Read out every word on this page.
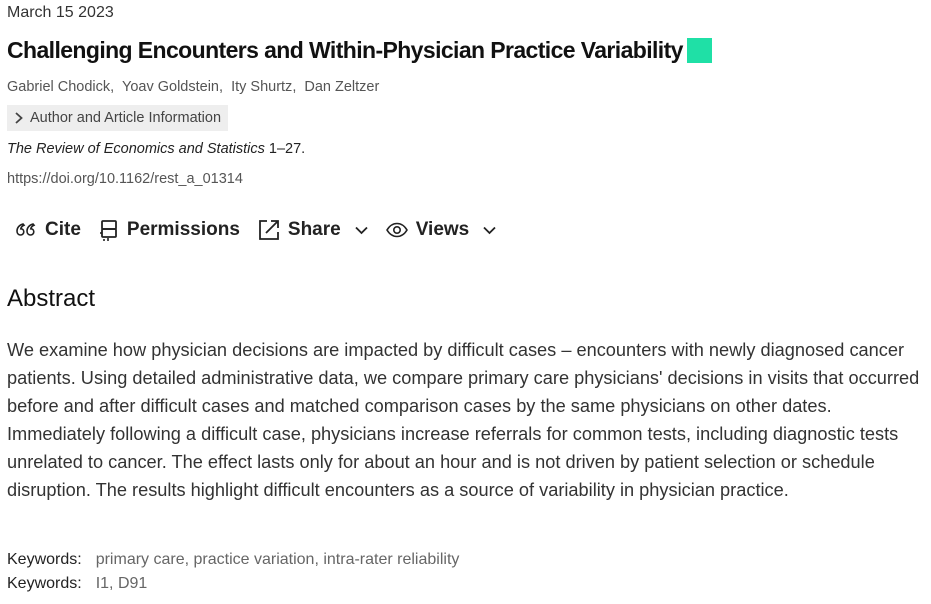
March 15 2023
Challenging Encounters and Within-Physician Practice Variability
Gabriel Chodick, Yoav Goldstein, Ity Shurtz, Dan Zeltzer
Author and Article Information
The Review of Economics and Statistics 1–27.
https://doi.org/10.1162/rest_a_01314
Cite Permissions	Share	Views
Abstract

We examine how physician decisions are impacted by difficult cases – encounters with newly diagnosed cancer patients. Using detailed administrative data, we compare primary care physicians' decisions in visits that occurred before and after difficult cases and matched comparison cases by the same physicians on other dates. Immediately following a difficult case, physicians increase referrals for common tests, including diagnostic tests unrelated to cancer. The effect lasts only for about an hour and is not driven by patient selection or schedule disruption. The results highlight difficult encounters as a source of variability in physician practice.

Keywords: primary care, practice variation, intra-rater reliability
Keywords: I1, D91
